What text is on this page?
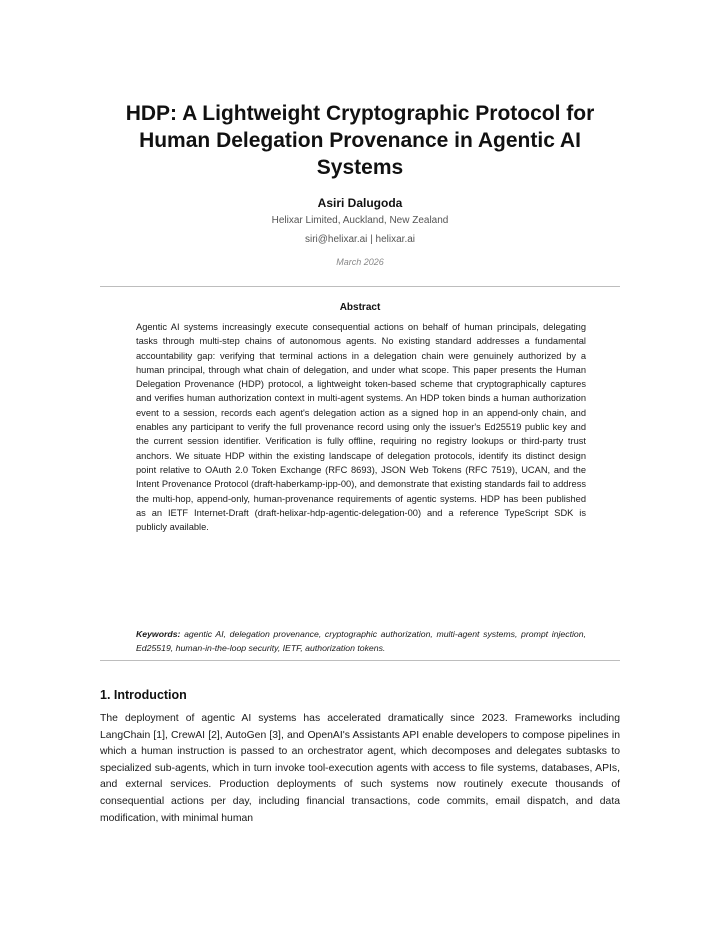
HDP: A Lightweight Cryptographic Protocol for Human Delegation Provenance in Agentic AI Systems
Asiri Dalugoda
Helixar Limited, Auckland, New Zealand
siri@helixar.ai | helixar.ai
March 2026
Abstract

Agentic AI systems increasingly execute consequential actions on behalf of human principals, delegating tasks through multi-step chains of autonomous agents. No existing standard addresses a fundamental accountability gap: verifying that terminal actions in a delegation chain were genuinely authorized by a human principal, through what chain of delegation, and under what scope. This paper presents the Human Delegation Provenance (HDP) protocol, a lightweight token-based scheme that cryptographically captures and verifies human authorization context in multi-agent systems. An HDP token binds a human authorization event to a session, records each agent's delegation action as a signed hop in an append-only chain, and enables any participant to verify the full provenance record using only the issuer's Ed25519 public key and the current session identifier. Verification is fully offline, requiring no registry lookups or third-party trust anchors. We situate HDP within the existing landscape of delegation protocols, identify its distinct design point relative to OAuth 2.0 Token Exchange (RFC 8693), JSON Web Tokens (RFC 7519), UCAN, and the Intent Provenance Protocol (draft-haberkamp-ipp-00), and demonstrate that existing standards fail to address the multi-hop, append-only, human-provenance requirements of agentic systems. HDP has been published as an IETF Internet-Draft (draft-helixar-hdp-agentic-delegation-00) and a reference TypeScript SDK is publicly available.

Keywords: agentic AI, delegation provenance, cryptographic authorization, multi-agent systems, prompt injection, Ed25519, human-in-the-loop security, IETF, authorization tokens.

1. Introduction

The deployment of agentic AI systems has accelerated dramatically since 2023. Frameworks including LangChain [1], CrewAI [2], AutoGen [3], and OpenAI's Assistants API enable developers to compose pipelines in which a human instruction is passed to an orchestrator agent, which decomposes and delegates subtasks to specialized sub-agents, which in turn invoke tool-execution agents with access to file systems, databases, APIs, and external services. Production deployments of such systems now routinely execute thousands of consequential actions per day, including financial transactions, code commits, email dispatch, and data modification, with minimal human
